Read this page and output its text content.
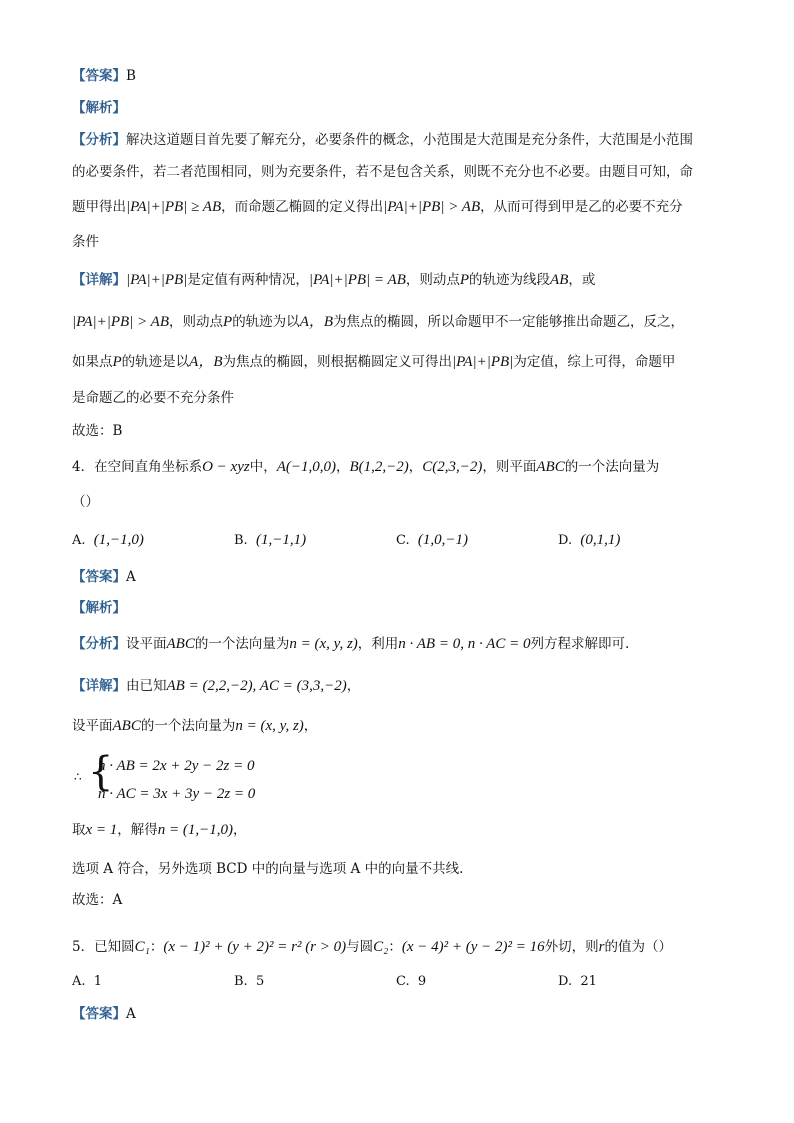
【答案】B
【解析】
【分析】解决这道题目首先要了解充分，必要条件的概念，小范围是大范围是充分条件，大范围是小范围
的必要条件，若二者范围相同，则为充要条件，若不是包含关系，则既不充分也不必要。由题目可知，命
题甲得出|PA|+|PB| ≥ AB，而命题乙椭圆的定义得出|PA|+|PB| > AB，从而可得到甲是乙的必要不充分
条件
【详解】|PA|+|PB|是定值有两种情况，|PA|+|PB| = AB，则动点P的轨迹为线段AB，或
|PA|+|PB| > AB，则动点P的轨迹为以A，B为焦点的椭圆，所以命题甲不一定能够推出命题乙，反之，
如果点P的轨迹是以A，B为焦点的椭圆，则根据椭圆定义可得出|PA|+|PB|为定值，综上可得，命题甲
是命题乙的必要不充分条件
故选：B
4．在空间直角坐标系O − xyz中，A(−1,0,0)，B(1,2,−2)，C(2,3,−2)，则平面ABC的一个法向量为
（）
A. (1,−1,0)	B. (1,−1,1)	C. (1,0,−1)	D. (0,1,1)
【答案】A
【解析】
【分析】设平面ABC的一个法向量为n = (x, y, z)，利用n · AB = 0, n · AC = 0列方程求解即可.
【详解】由已知AB = (2,2,−2), AC = (3,3,−2)，
设平面ABC的一个法向量为n = (x, y, z)，
∴ {
n · AB = 2x + 2y − 2z = 0
n · AC = 3x + 3y − 2z = 0
取x = 1，解得n = (1,−1,0)，
选项 A 符合，另外选项 BCD 中的向量与选项 A 中的向量不共线.
故选：A
5．已知圆C₁：(x − 1)² + (y + 2)² = r² (r > 0)与圆C₂：(x − 4)² + (y − 2)² = 16外切，则r的值为（）
A. 1	B. 5	C. 9	D. 21
【答案】A
